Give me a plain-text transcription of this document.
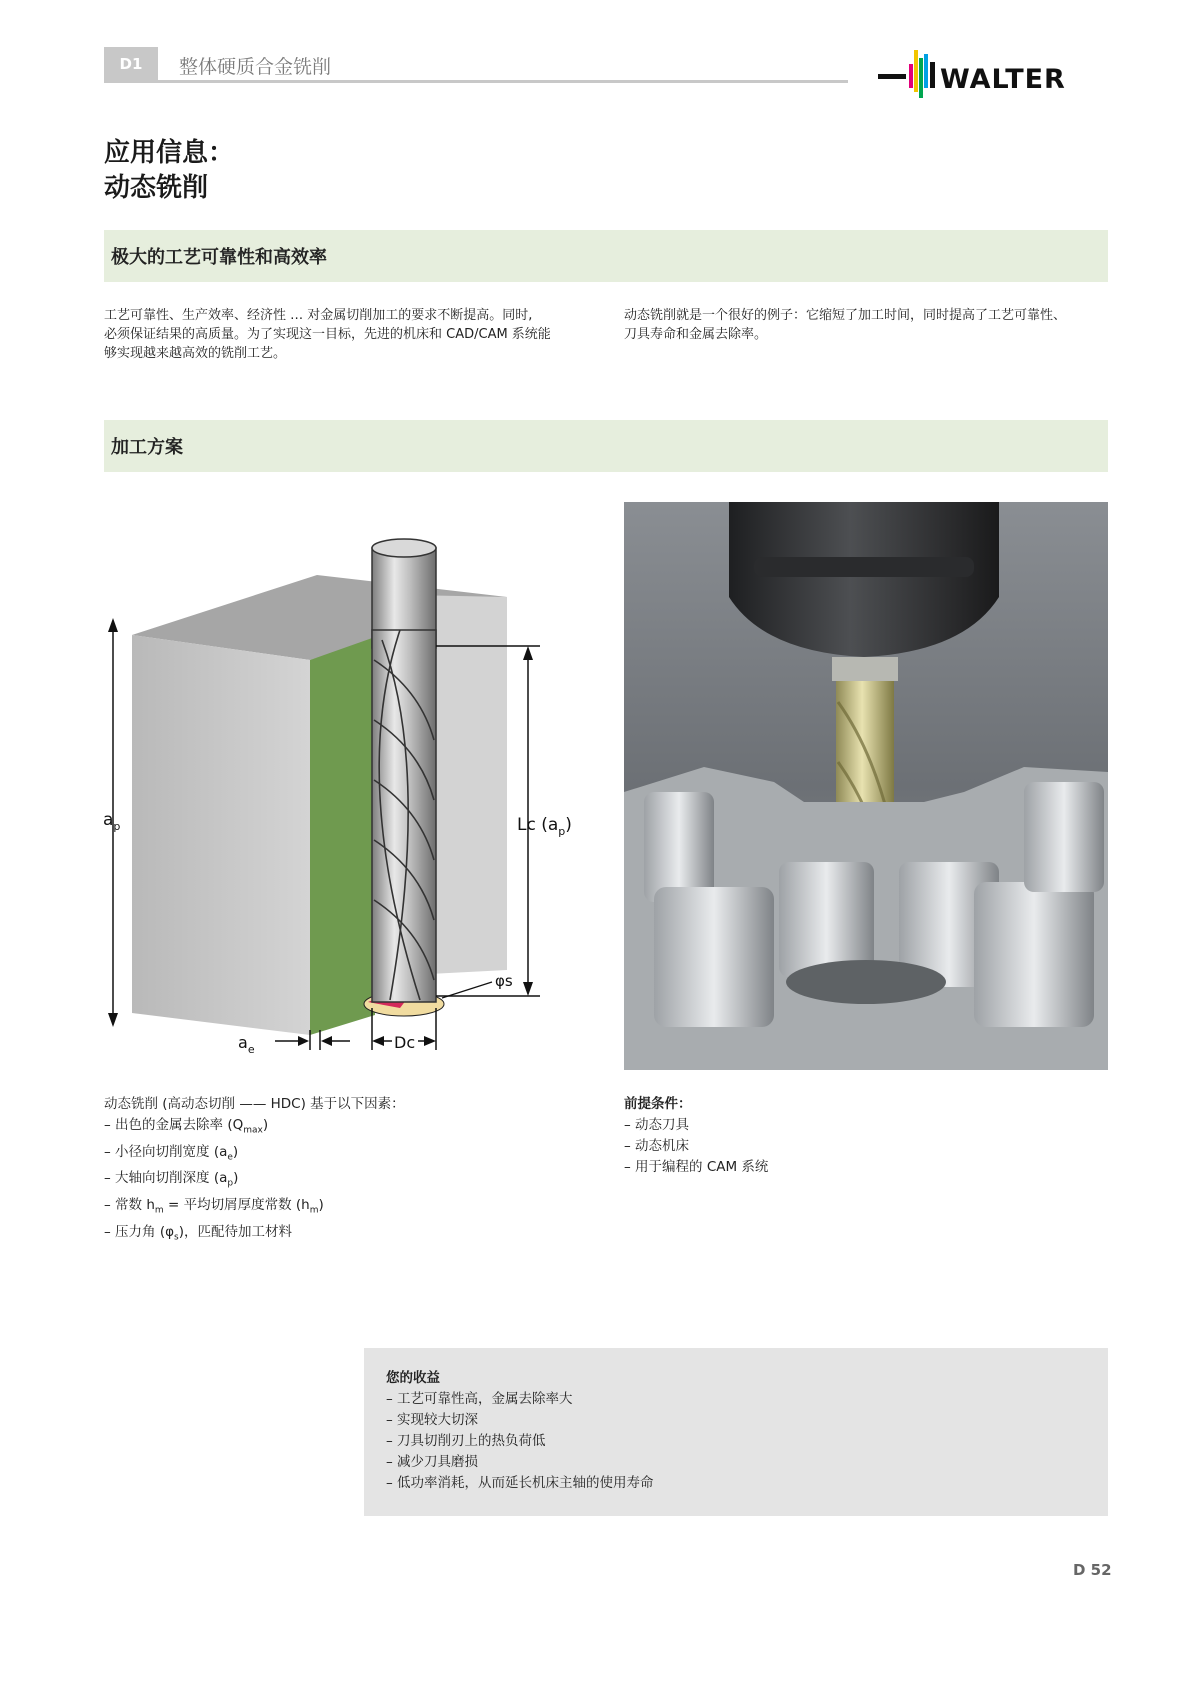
D1	整体硬质合金铣削	WALTER
应用信息：
动态铣削
极大的工艺可靠性和高效率
工艺可靠性、生产效率、经济性 … 对金属切削加工的要求不断提高。同时,
必须保证结果的高质量。为了实现这一目标，先进的机床和 CAD/CAM 系统能
够实现越来越高效的铣削工艺。
动态铣削就是一个很好的例子：它缩短了加工时间，同时提高了工艺可靠性、
刀具寿命和金属去除率。
加工方案
$a_p$	Lc $(a_p)$
φs
$a_e$	Dc
动态铣削 (高动态切削 —— HDC) 基于以下因素：
– 出色的金属去除率 $(Q_{max})$
– 小径向切削宽度 $(a_e)$
– 大轴向切削深度 $(a_p)$
– 常数 $h_m$ = 平均切屑厚度常数 $(h_m)$
– 压力角 $(\varphi_s)$，匹配待加工材料
前提条件：
– 动态刀具
– 动态机床
– 用于编程的 CAM 系统
您的收益
– 工艺可靠性高，金属去除率大
– 实现较大切深
– 刀具切削刃上的热负荷低
– 减少刀具磨损
– 低功率消耗，从而延长机床主轴的使用寿命
D 52
